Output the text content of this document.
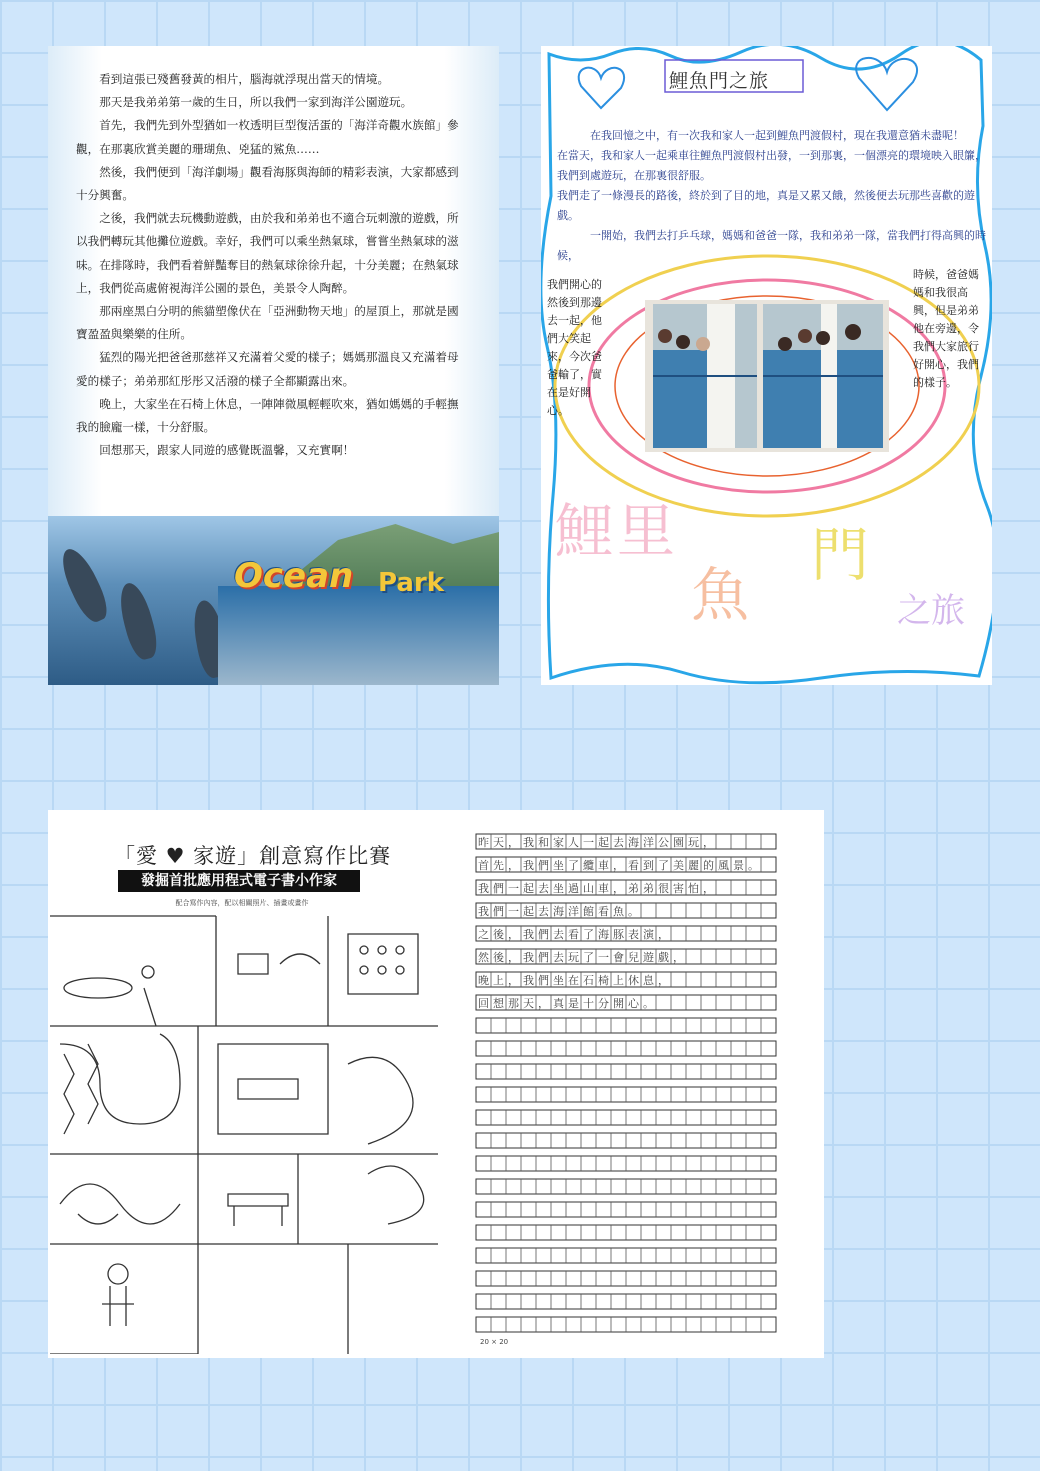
看到這張已殘舊發黃的相片，腦海就浮現出當天的情境。

那天是我弟弟第一歲的生日，所以我們一家到海洋公園遊玩。

首先，我們先到外型猶如一枚透明巨型復活蛋的「海洋奇觀水族館」參觀，在那裏欣賞美麗的珊瑚魚、兇猛的鯊魚……

然後，我們便到「海洋劇場」觀看海豚與海師的精彩表演，大家都感到十分興奮。

之後，我們就去玩機動遊戲，由於我和弟弟也不適合玩刺激的遊戲，所以我們轉玩其他攤位遊戲。幸好，我們可以乘坐熱氣球，嘗嘗坐熱氣球的滋味。在排隊時，我們看着鮮豔奪目的熱氣球徐徐升起，十分美麗；在熱氣球上，我們從高處俯視海洋公園的景色，美景令人陶醉。

那兩座黑白分明的熊貓塑像伏在「亞洲動物天地」的屋頂上，那就是國寶盈盈與樂樂的住所。

猛烈的陽光把爸爸那慈祥又充滿着父愛的樣子；媽媽那溫良又充滿着母愛的樣子；弟弟那紅彤彤又活潑的樣子全都顯露出來。

晚上，大家坐在石椅上休息，一陣陣微風輕輕吹來，猶如媽媽的手輕撫我的臉龐一樣，十分舒服。

回想那天，跟家人同遊的感覺既溫馨，又充實啊！

Ocean Park
鯉魚門之旅
在我回憶之中，有一次我和家人一起到鯉魚門渡假村，現在我還意猶未盡呢！
在當天，我和家人一起乘車往鯉魚門渡假村出發，一到那裏，一個漂亮的環境映入眼簾，我們到處遊玩，在那裏很舒服。
我們走了一條漫長的路後，終於到了目的地，真是又累又餓，然後便去玩那些喜歡的遊戲。
一開始，我們去打乒乓球，媽媽和爸爸一隊，我和弟弟一隊，當我們打得高興的時候，
我們開心的然後到那邊去一起，他們大笑起來，今次爸爸輸了，實在是好開心。
時候，爸爸媽媽和我很高興，但是弟弟他在旁邊，令我們大家旅行好開心，我們的樣子。
鯉 里
魚
門
之旅
「愛 ♥ 家遊」創意寫作比賽
發掘首批應用程式電子書小作家
配合寫作內容，配以相關照片、插畫或畫作
昨 天 ， 我 和 家 人 一 起 去 海 洋 公 園 玩 ，
首 先 ， 我 們 坐 了 纜 車 ， 看 到 了 美 麗 的 風 景 。
我 們 一 起 去 坐 過 山 車 ， 弟 弟 很 害 怕 ，
我 們 一 起 去 海 洋 館 看 魚 。
之 後 ， 我 們 去 看 了 海 豚 表 演 ，
然 後 ， 我 們 去 玩 了 一 會 兒 遊 戲 ，
晚 上 ， 我 們 坐 在 石 椅 上 休 息 ，
回 想 那 天 ， 真 是 十 分 開 心 。
20 × 20
